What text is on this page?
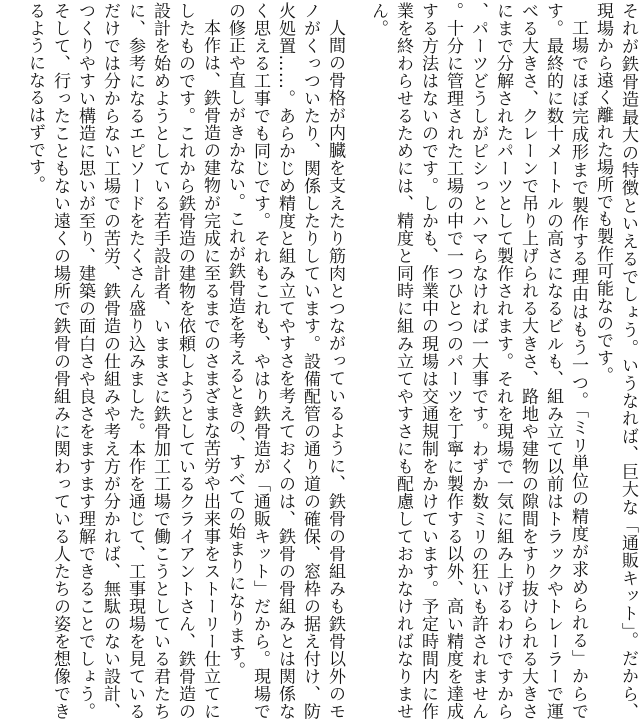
それが鉄骨造最大の特徴といえるでしょう。いうなれば、巨大な「通販キット」。だから、現場から遠く離れた場所でも製作可能なのです。

工場でほぼ完成形まで製作する理由はもう一つ。「ミリ単位の精度が求められる」からです。最終的に数十メートルの高さになるビルも、組み立て以前はトラックやトレーラーで運べる大きさ、クレーンで吊り上げられる大きさ、路地や建物の隙間をすり抜けられる大きさにまで分解されたパーツとして製作されます。それを現場で一気に組み上げるわけですから、パーツどうしがピシっとハマらなければ一大事です。わずか数ミリの狂いも許されません。十分に管理された工場の中で一つひとつのパーツを丁寧に製作する以外、高い精度を達成する方法はないのです。しかも、作業中の現場は交通規制をかけています。予定時間内に作業を終わらせるためには、精度と同時に組み立てやすさにも配慮しておかなければなりません。

人間の骨格が内臓を支えたり筋肉とつながっているように、鉄骨の骨組みも鉄骨以外のモノがくっついたり、関係したりしています。設備配管の通り道の確保、窓枠の据え付け、防火処置……。あらかじめ精度と組み立てやすさを考えておくのは、鉄骨の骨組みとは関係なく思える工事でも同じです。それもこれも、やはり鉄骨造が「通販キット」だから。現場での修正や直しがきかない。これが鉄骨造を考えるときの、すべての始まりになります。

本作は、鉄骨造の建物が完成に至るまでのさまざまな苦労や出来事をストーリー仕立てにしたものです。これから鉄骨造の建物を依頼しようとしているクライアントさん、鉄骨造の設計を始めようとしている若手設計者、いままさに鉄骨加工工場で働こうとしている君たちに、参考になるエピソードをたくさん盛り込みました。本作を通じて、工事現場を見ているだけでは分からない工場での苦労、鉄骨造の仕組みや考え方が分かれば、無駄のない設計、つくりやすい構造に思いが至り、建築の面白さや良さをますます理解できることでしょう。そして、行ったこともない遠くの場所で鉄骨の骨組みに関わっている人たちの姿を想像できるようになるはずです。
